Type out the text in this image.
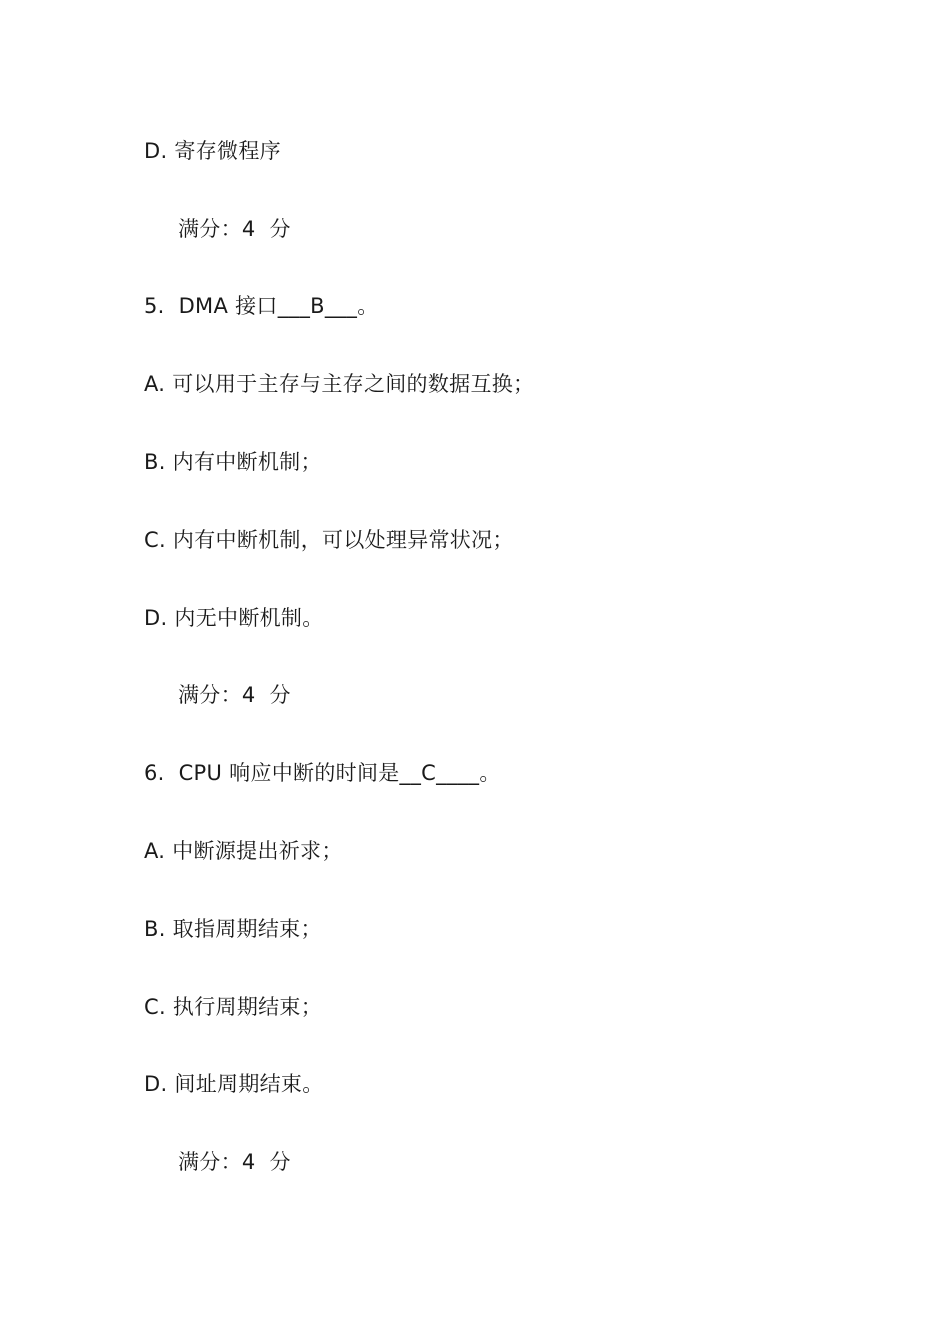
D. 寄存微程序
满分：4  分
5.  DMA 接口___B___。
A. 可以用于主存与主存之间的数据互换；
B. 内有中断机制；
C. 内有中断机制，可以处理异常状况；
D. 内无中断机制。
满分：4  分
6.  CPU 响应中断的时间是__C____。
A. 中断源提出祈求；
B. 取指周期结束；
C. 执行周期结束；
D. 间址周期结束。
满分：4  分
